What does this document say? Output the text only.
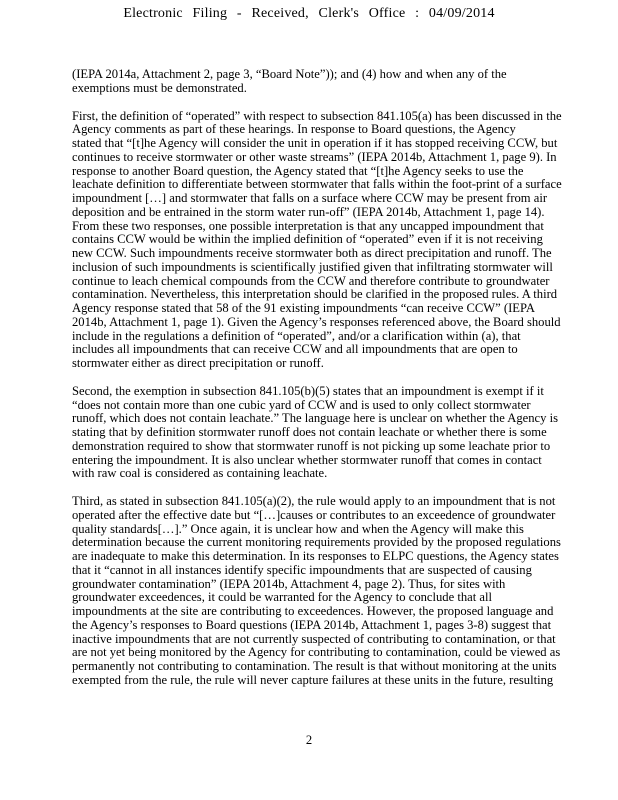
Electronic Filing - Received, Clerk's Office : 04/09/2014
(IEPA 2014a, Attachment 2, page 3, “Board Note”)); and (4) how and when any of the
exemptions must be demonstrated.
First, the definition of “operated” with respect to subsection 841.105(a) has been discussed in the
Agency comments as part of these hearings. In response to Board questions, the Agency
stated that “[t]he Agency will consider the unit in operation if it has stopped receiving CCW, but
continues to receive stormwater or other waste streams” (IEPA 2014b, Attachment 1, page 9). In
response to another Board question, the Agency stated that “[t]he Agency seeks to use the
leachate definition to differentiate between stormwater that falls within the foot-print of a surface
impoundment […] and stormwater that falls on a surface where CCW may be present from air
deposition and be entrained in the storm water run-off” (IEPA 2014b, Attachment 1, page 14).
From these two responses, one possible interpretation is that any uncapped impoundment that
contains CCW would be within the implied definition of “operated” even if it is not receiving
new CCW. Such impoundments receive stormwater both as direct precipitation and runoff. The
inclusion of such impoundments is scientifically justified given that infiltrating stormwater will
continue to leach chemical compounds from the CCW and therefore contribute to groundwater
contamination. Nevertheless, this interpretation should be clarified in the proposed rules. A third
Agency response stated that 58 of the 91 existing impoundments “can receive CCW” (IEPA
2014b, Attachment 1, page 1). Given the Agency’s responses referenced above, the Board should
include in the regulations a definition of “operated”, and/or a clarification within (a), that
includes all impoundments that can receive CCW and all impoundments that are open to
stormwater either as direct precipitation or runoff.
Second, the exemption in subsection 841.105(b)(5) states that an impoundment is exempt if it
“does not contain more than one cubic yard of CCW and is used to only collect stormwater
runoff, which does not contain leachate.” The language here is unclear on whether the Agency is
stating that by definition stormwater runoff does not contain leachate or whether there is some
demonstration required to show that stormwater runoff is not picking up some leachate prior to
entering the impoundment. It is also unclear whether stormwater runoff that comes in contact
with raw coal is considered as containing leachate.
Third, as stated in subsection 841.105(a)(2), the rule would apply to an impoundment that is not
operated after the effective date but “[…]causes or contributes to an exceedence of groundwater
quality standards[…].” Once again, it is unclear how and when the Agency will make this
determination because the current monitoring requirements provided by the proposed regulations
are inadequate to make this determination. In its responses to ELPC questions, the Agency states
that it “cannot in all instances identify specific impoundments that are suspected of causing
groundwater contamination” (IEPA 2014b, Attachment 4, page 2). Thus, for sites with
groundwater exceedences, it could be warranted for the Agency to conclude that all
impoundments at the site are contributing to exceedences. However, the proposed language and
the Agency’s responses to Board questions (IEPA 2014b, Attachment 1, pages 3-8) suggest that
inactive impoundments that are not currently suspected of contributing to contamination, or that
are not yet being monitored by the Agency for contributing to contamination, could be viewed as
permanently not contributing to contamination. The result is that without monitoring at the units
exempted from the rule, the rule will never capture failures at these units in the future, resulting
2
